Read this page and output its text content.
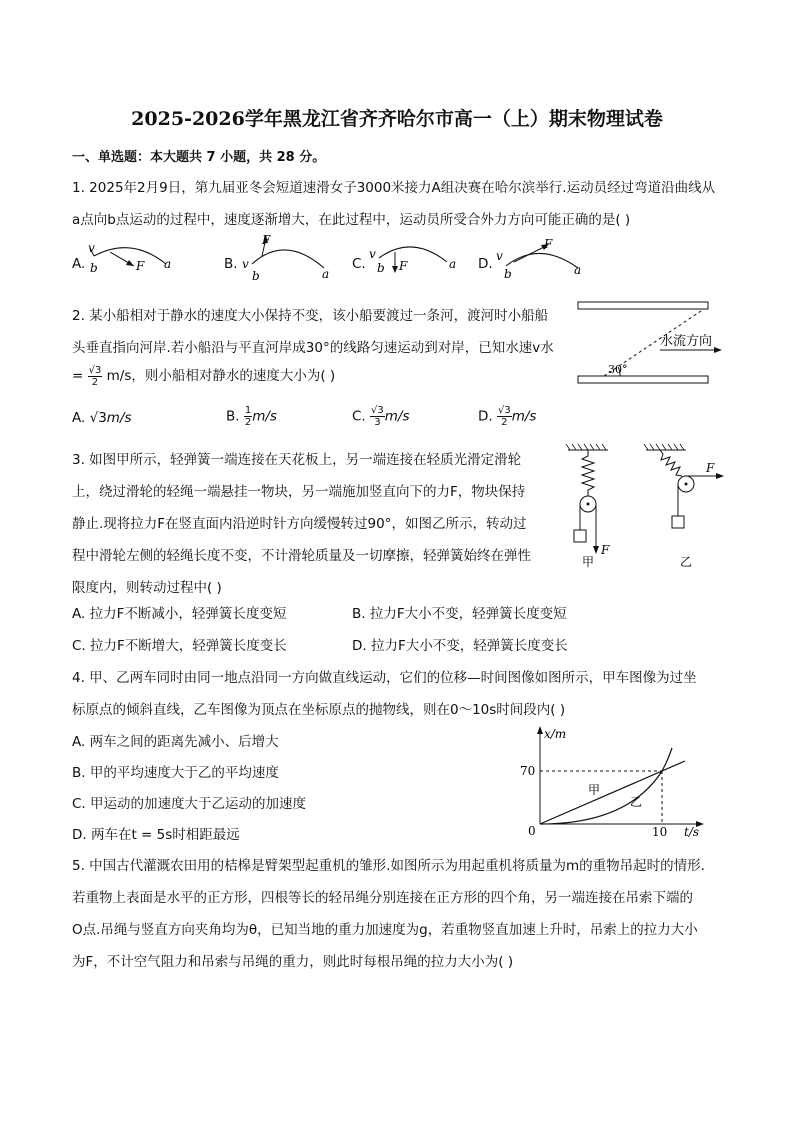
2025-2026学年黑龙江省齐齐哈尔市高一（上）期末物理试卷
一、单选题：本大题共 7 小题，共 28 分。
1. 2025年2月9日，第九届亚冬会短道速滑女子3000米接力A组决赛在哈尔滨举行.运动员经过弯道沿曲线从
a点向b点运动的过程中，速度逐渐增大，在此过程中，运动员所受合外力方向可能正确的是( )
A.	B.	C.	D.
v
b	F a
F
v
b	a
v
b F	a
v
b
F
a
2. 某小船相对于静水的速度大小保持不变，该小船要渡过一条河，渡河时小船船
头垂直指向河岸.若小船沿与平直河岸成30°的线路匀速运动到对岸，已知水速v水
= $\frac{√3}{2} m/s$，则小船相对静水的速度大小为( )
水流方向
30°
A. √3m/s	B. $\frac{1}{2} m/s$	C. $\frac{√3}{3} m/s$	D. $\frac{√3}{2} m/s$
3. 如图甲所示，轻弹簧一端连接在天花板上，另一端连接在轻质光滑定滑轮
上，绕过滑轮的轻绳一端悬挂一物块，另一端施加竖直向下的力F，物块保持
静止.现将拉力F在竖直面内沿逆时针方向缓慢转过90°，如图乙所示，转动过
程中滑轮左侧的轻绳长度不变，不计滑轮质量及一切摩擦，轻弹簧始终在弹性
限度内，则转动过程中( )
F
甲
F
乙
A. 拉力F不断减小，轻弹簧长度变短	B. 拉力F大小不变，轻弹簧长度变短
C. 拉力F不断增大，轻弹簧长度变长	D. 拉力F大小不变，轻弹簧长度变长
4. 甲、乙两车同时由同一地点沿同一方向做直线运动，它们的位移—时间图像如图所示，甲车图像为过坐
标原点的倾斜直线，乙车图像为顶点在坐标原点的抛物线，则在0～10s时间段内( )
A. 两车之间的距离先减小、后增大
B. 甲的平均速度大于乙的平均速度
C. 甲运动的加速度大于乙运动的加速度
D. 两车在t = 5s时相距最远
x/m
t/s
0
70
10
甲
乙
5. 中国古代灌溉农田用的桔槔是臂架型起重机的雏形.如图所示为用起重机将质量为m的重物吊起时的情形.
若重物上表面是水平的正方形，四根等长的轻吊绳分别连接在正方形的四个角，另一端连接在吊索下端的
O点.吊绳与竖直方向夹角均为θ，已知当地的重力加速度为g，若重物竖直加速上升时，吊索上的拉力大小
为F，不计空气阻力和吊索与吊绳的重力，则此时每根吊绳的拉力大小为( )
